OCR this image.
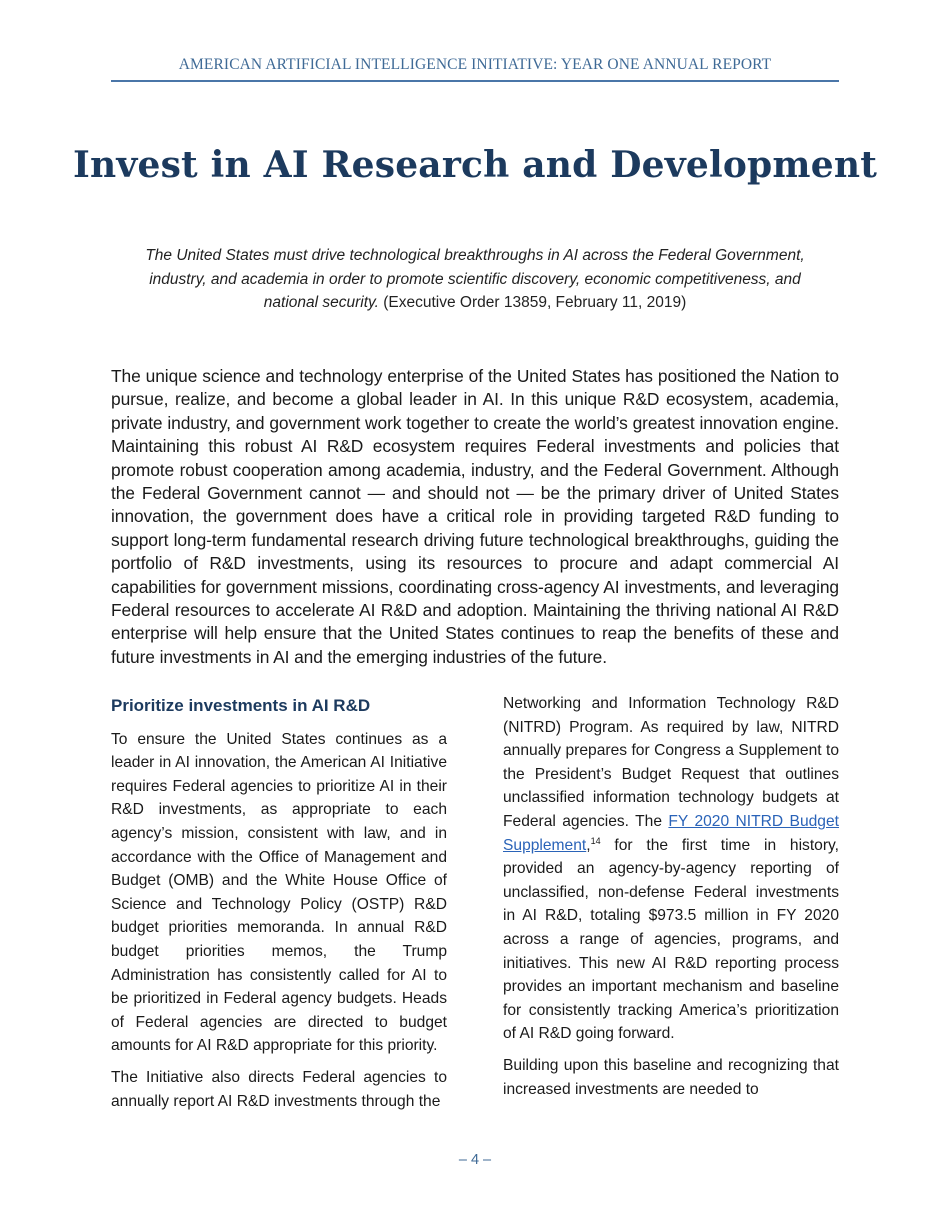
AMERICAN ARTIFICIAL INTELLIGENCE INITIATIVE: YEAR ONE ANNUAL REPORT
Invest in AI Research and Development
The United States must drive technological breakthroughs in AI across the Federal Government, industry, and academia in order to promote scientific discovery, economic competitiveness, and national security. (Executive Order 13859, February 11, 2019)

The unique science and technology enterprise of the United States has positioned the Nation to pursue, realize, and become a global leader in AI. In this unique R&D ecosystem, academia, private industry, and government work together to create the world’s greatest innovation engine. Maintaining this robust AI R&D ecosystem requires Federal investments and policies that promote robust cooperation among academia, industry, and the Federal Government. Although the Federal Government cannot — and should not — be the primary driver of United States innovation, the government does have a critical role in providing targeted R&D funding to support long-term fundamental research driving future technological breakthroughs, guiding the portfolio of R&D investments, using its resources to procure and adapt commercial AI capabilities for government missions, coordinating cross-agency AI investments, and leveraging Federal resources to accelerate AI R&D and adoption. Maintaining the thriving national AI R&D enterprise will help ensure that the United States continues to reap the benefits of these and future investments in AI and the emerging industries of the future.

Prioritize investments in AI R&D

To ensure the United States continues as a leader in AI innovation, the American AI Initiative requires Federal agencies to prioritize AI in their R&D investments, as appropriate to each agency’s mission, consistent with law, and in accordance with the Office of Management and Budget (OMB) and the White House Office of Science and Technology Policy (OSTP) R&D budget priorities memoranda. In annual R&D budget priorities memos, the Trump Administration has consistently called for AI to be prioritized in Federal agency budgets. Heads of Federal agencies are directed to budget amounts for AI R&D appropriate for this priority.

The Initiative also directs Federal agencies to annually report AI R&D investments through the

Networking and Information Technology R&D (NITRD) Program. As required by law, NITRD annually prepares for Congress a Supplement to the President’s Budget Request that outlines unclassified information technology budgets at Federal agencies. The FY 2020 NITRD Budget Supplement,$^{14}$ for the first time in history, provided an agency-by-agency reporting of unclassified, non-defense Federal investments in AI R&D, totaling $973.5 million in FY 2020 across a range of agencies, programs, and initiatives. This new AI R&D reporting process provides an important mechanism and baseline for consistently tracking America’s prioritization of AI R&D going forward.

Building upon this baseline and recognizing that increased investments are needed to

– 4 –
